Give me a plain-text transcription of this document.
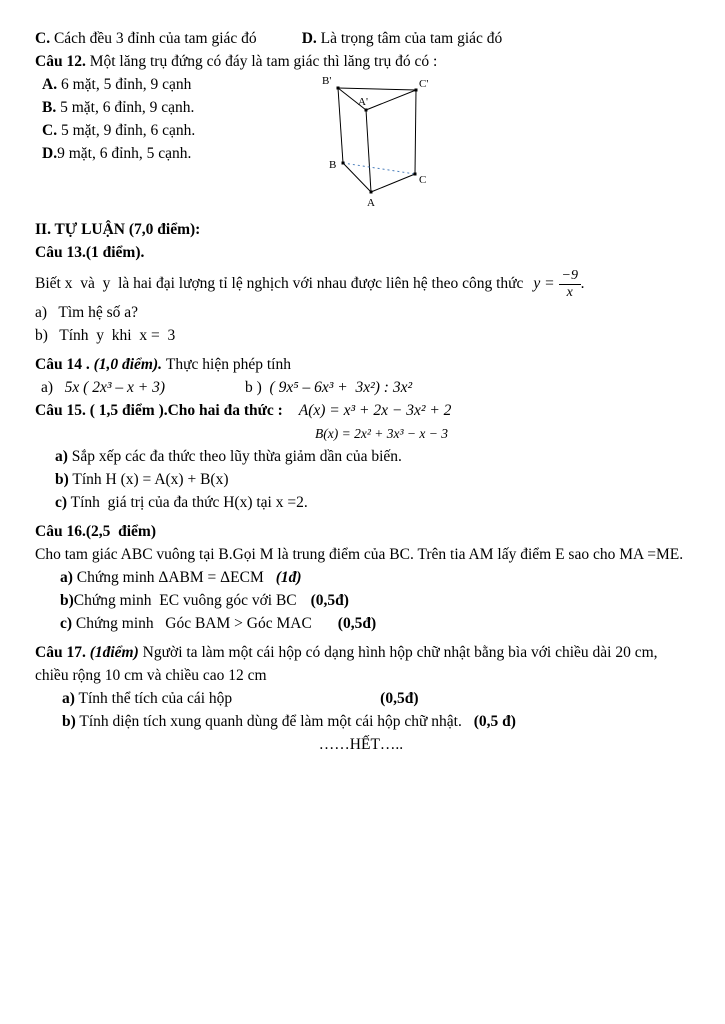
C. Cách đều 3 đỉnh của tam giác đó	D. Là trọng tâm của tam giác đó
Câu 12. Một lăng trụ đứng có đáy là tam giác thì lăng trụ đó có :
A. 6 mặt, 5 đỉnh, 9 cạnh
B. 5 mặt, 6 đỉnh, 9 cạnh.
C. 5 mặt, 9 đỉnh, 6 cạnh.
D.9 mặt, 6 đỉnh, 5 cạnh.
B'	C'
A'
B
C
A
II. TỰ LUẬN (7,0 điểm):
Câu 13.(1 điểm).
Biết x  và  y  là hai đại lượng tỉ lệ nghịch với nhau được liên hệ theo công thức $y = \frac{-9}{x}$ .
a)   Tìm hệ số a?
b)   Tính  y  khi  x =  3
Câu 14 . (1,0 điểm). Thực hiện phép tính
a) 5x ( 2x³ – x + 3)	b ) ( 9x⁵ – 6x³ +  3x²) : 3x²
Câu 15. ( 1,5 điểm ).Cho hai đa thức : A(x) = x³ + 2x − 3x² + 2
B(x) = 2x² + 3x³ − x − 3
a) Sắp xếp các đa thức theo lũy thừa giảm dần của biến.
b) Tính H (x) = A(x) + B(x)
c) Tính  giá trị của đa thức H(x) tại x =2.
Câu 16.(2,5  điểm)
Cho tam giác ABC vuông tại B.Gọi M là trung điểm của BC. Trên tia AM lấy điểm E sao cho MA =ME.
a) Chứng minh ΔABM = ΔECM (1đ)
b)Chứng minh  EC vuông góc với BC (0,5đ)
c) Chứng minh   Góc BAM > Góc MAC (0,5đ)
Câu 17. (1điểm) Người ta làm một cái hộp có dạng hình hộp chữ nhật bằng bìa với chiều dài 20 cm, chiều rộng 10 cm và chiều cao 12 cm
a) Tính thể tích của cái hộp	(0,5đ)
b) Tính diện tích xung quanh dùng để làm một cái hộp chữ nhật. (0,5 đ)
……HẾT…..
